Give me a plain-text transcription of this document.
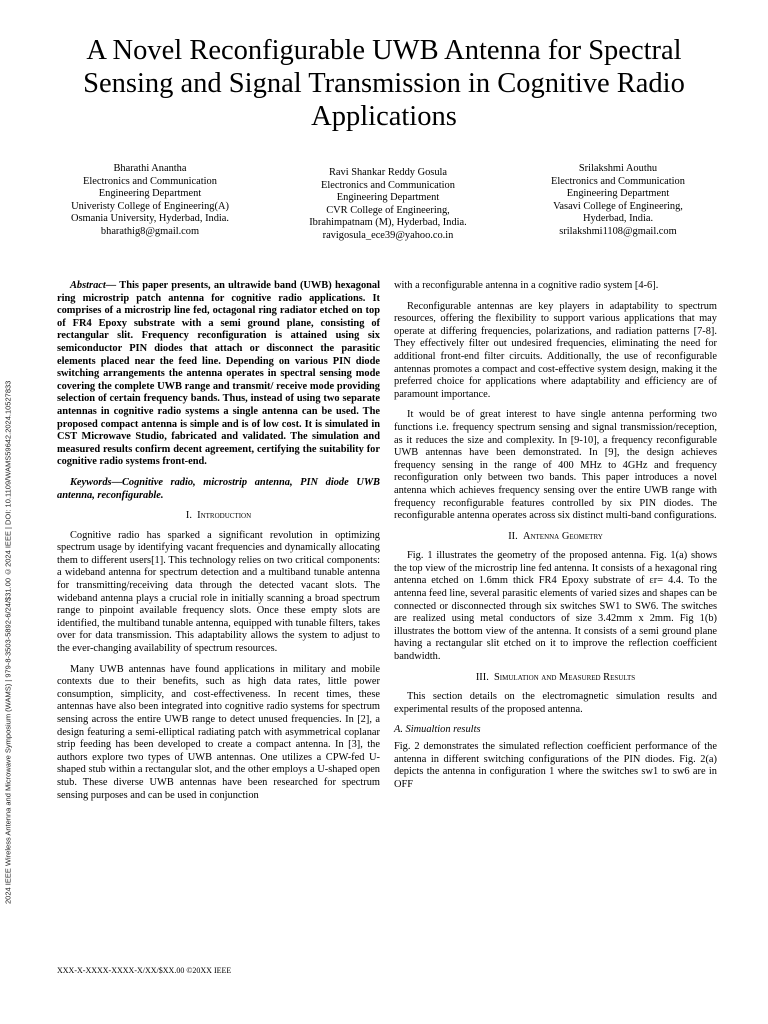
2024 IEEE Wireless Antenna and Microwave Symposium (WAMS) | 979-8-3503-5892-6/24/$31.00 ©2024 IEEE | DOI: 10.1109/WAMS59642.2024.10527833
A Novel Reconfigurable UWB Antenna for Spectral Sensing and Signal Transmission in Cognitive Radio Applications
Bharathi Anantha
Electronics and Communication
Engineering Department
Univeristy College of Engineering(A)
Osmania University, Hyderbad, India.
bharathig8@gmail.com
Ravi Shankar Reddy Gosula
Electronics and Communication
Engineering Department
CVR College of Engineering,
Ibrahimpatnam (M), Hyderbad, India.
ravigosula_ece39@yahoo.co.in
Srilakshmi Aouthu
Electronics and Communication
Engineering Department
Vasavi College of Engineering,
Hyderbad, India.
srilakshmi1108@gmail.com

Abstract— This paper presents, an ultrawide band (UWB) hexagonal ring microstrip patch antenna for cognitive radio applications. It comprises of a microstrip line fed, octagonal ring radiator etched on top of FR4 Epoxy substrate with a semi ground plane, consisting of rectangular slit. Frequency reconfiguration is attained using six semiconductor PIN diodes that attach or disconnect the parasitic elements placed near the feed line. Depending on various PIN diode switching arrangements the antenna operates in spectral sensing mode covering the complete UWB range and transmit/ receive mode providing selection of certain frequency bands. Thus, instead of using two separate antennas in cognitive radio systems a single antenna can be used. The proposed compact antenna is simple and is of low cost. It is simulated in CST Microwave Studio, fabricated and validated. The simulation and measured results confirm decent agreement, certifying the suitability for cognitive radio systems front-end.

Keywords—Cognitive radio, microstrip antenna, PIN diode UWB antenna, reconfigurable.

I. Introduction

Cognitive radio has sparked a significant revolution in optimizing spectrum usage by identifying vacant frequencies and dynamically allocating them to different users[1]. This technology relies on two critical components: a wideband antenna for spectrum detection and a multiband tunable antenna for transmitting/receiving data through the detected vacant slots. The wideband antenna plays a crucial role in initially scanning a broad spectrum range to pinpoint available frequency slots. Once these empty slots are identified, the multiband tunable antenna, equipped with tunable filters, takes over for data transmission. This adaptability allows the system to adjust to the ever-changing availability of spectrum resources.

Many UWB antennas have found applications in military and mobile contexts due to their benefits, such as high data rates, little power consumption, simplicity, and cost-effectiveness. In recent times, these antennas have also been integrated into cognitive radio systems for spectrum sensing across the entire UWB range to detect unused frequencies. In [2], a design featuring a semi-elliptical radiating patch with asymmetrical coplanar strip feeding has been developed to create a compact antenna. In [3], the authors explore two types of UWB antennas. One utilizes a CPW-fed U-shaped stub within a rectangular slot, and the other employs a U-shaped open stub. These diverse UWB antennas have been researched for spectrum sensing purposes and can be used in conjunction

with a reconfigurable antenna in a cognitive radio system [4-6].

Reconfigurable antennas are key players in adaptability to spectrum resources, offering the flexibility to support various applications that may operate at differing frequencies, polarizations, and radiation patterns [7-8]. They effectively filter out undesired frequencies, eliminating the need for additional front-end filter circuits. Additionally, the use of reconfigurable antennas promotes a compact and cost-effective system design, making it the preferred choice for applications where adaptability and efficiency are of paramount importance.

It would be of great interest to have single antenna performing two functions i.e. frequency spectrum sensing and signal transmission/reception, as it reduces the size and complexity. In [9-10], a frequency reconfigurable UWB antennas have been demonstrated. In [9], the design achieves frequency sensing in the range of 400 MHz to 4GHz and frequency reconfiguration only between two bands. This paper introduces a novel antenna which achieves frequency sensing over the entire UWB range with frequency reconfigurable features controlled by six PIN diodes. The reconfigurable antenna operates across six distinct multi-band configurations.

II. Antenna Geometry

Fig. 1 illustrates the geometry of the proposed antenna. Fig. 1(a) shows the top view of the microstrip line fed antenna. It consists of a hexagonal ring antenna etched on 1.6mm thick FR4 Epoxy substrate of εr= 4.4. To the antenna feed line, several parasitic elements of varied sizes and shapes can be connected or disconnected through six switches SW1 to SW6. The switches are realized using metal conductors of size 3.42mm x 2mm. Fig 1(b) illustrates the bottom view of the antenna. It consists of a semi ground plane having a rectangular slit etched on it to improve the reflection coefficient bandwidth.

III. Simulation and Measured Results

This section details on the electromagnetic simulation results and experimental results of the proposed antenna.

A. Simualtion results

Fig. 2 demonstrates the simulated reflection coefficient performance of the antenna in different switching configurations of the PIN diodes. Fig. 2(a) depicts the antenna in configuration 1 where the switches sw1 to sw6 are in OFF

XXX-X-XXXX-XXXX-X/XX/$XX.00 ©20XX IEEE
